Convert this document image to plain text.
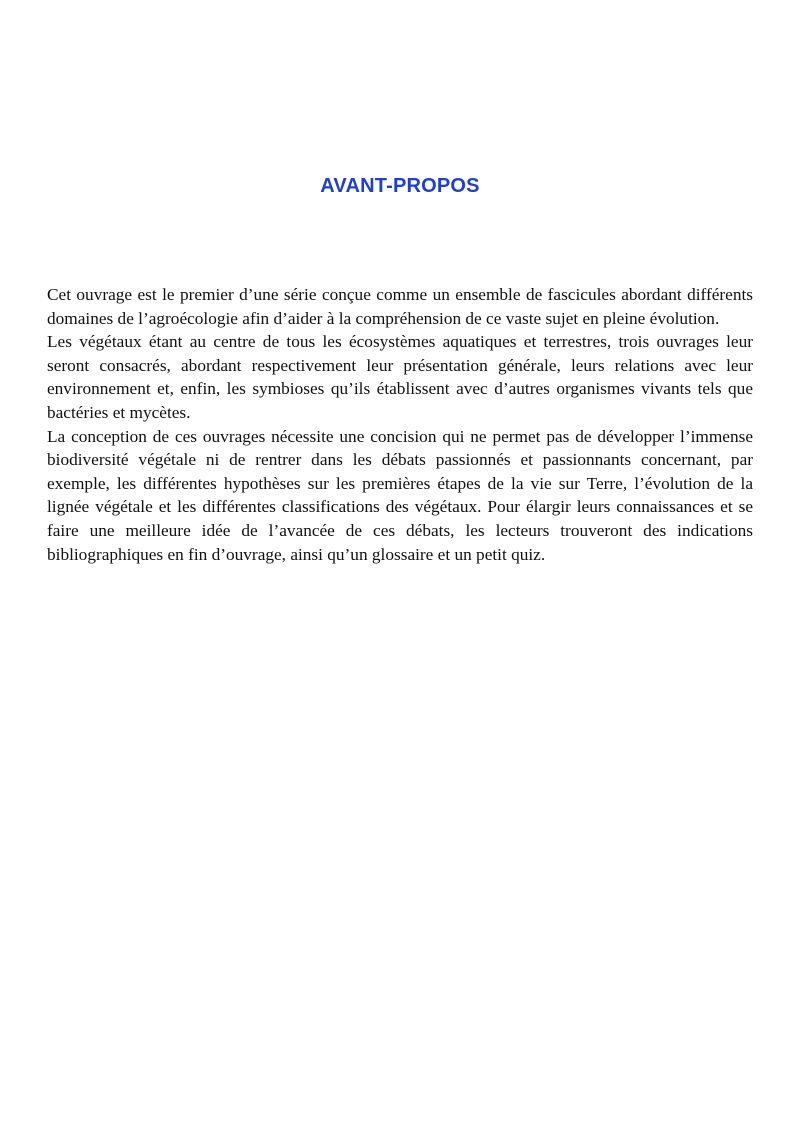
AVANT-PROPOS

Cet ouvrage est le premier d’une série conçue comme un ensemble de fascicules abordant différents domaines de l’agroécologie afin d’aider à la compréhension de ce vaste sujet en pleine évolution.

Les végétaux étant au centre de tous les écosystèmes aquatiques et terrestres, trois ouvrages leur seront consacrés, abordant respectivement leur présentation générale, leurs relations avec leur environnement et, enfin, les symbioses qu’ils établissent avec d’autres organismes vivants tels que bactéries et mycètes.

La conception de ces ouvrages nécessite une concision qui ne permet pas de développer l’immense biodiversité végétale ni de rentrer dans les débats passionnés et passionnants concernant, par exemple, les différentes hypothèses sur les premières étapes de la vie sur Terre, l’évolution de la lignée végétale et les différentes classifications des végétaux. Pour élargir leurs connaissances et se faire une meilleure idée de l’avancée de ces débats, les lecteurs trouveront des indications bibliographiques en fin d’ouvrage, ainsi qu’un glossaire et un petit quiz.
